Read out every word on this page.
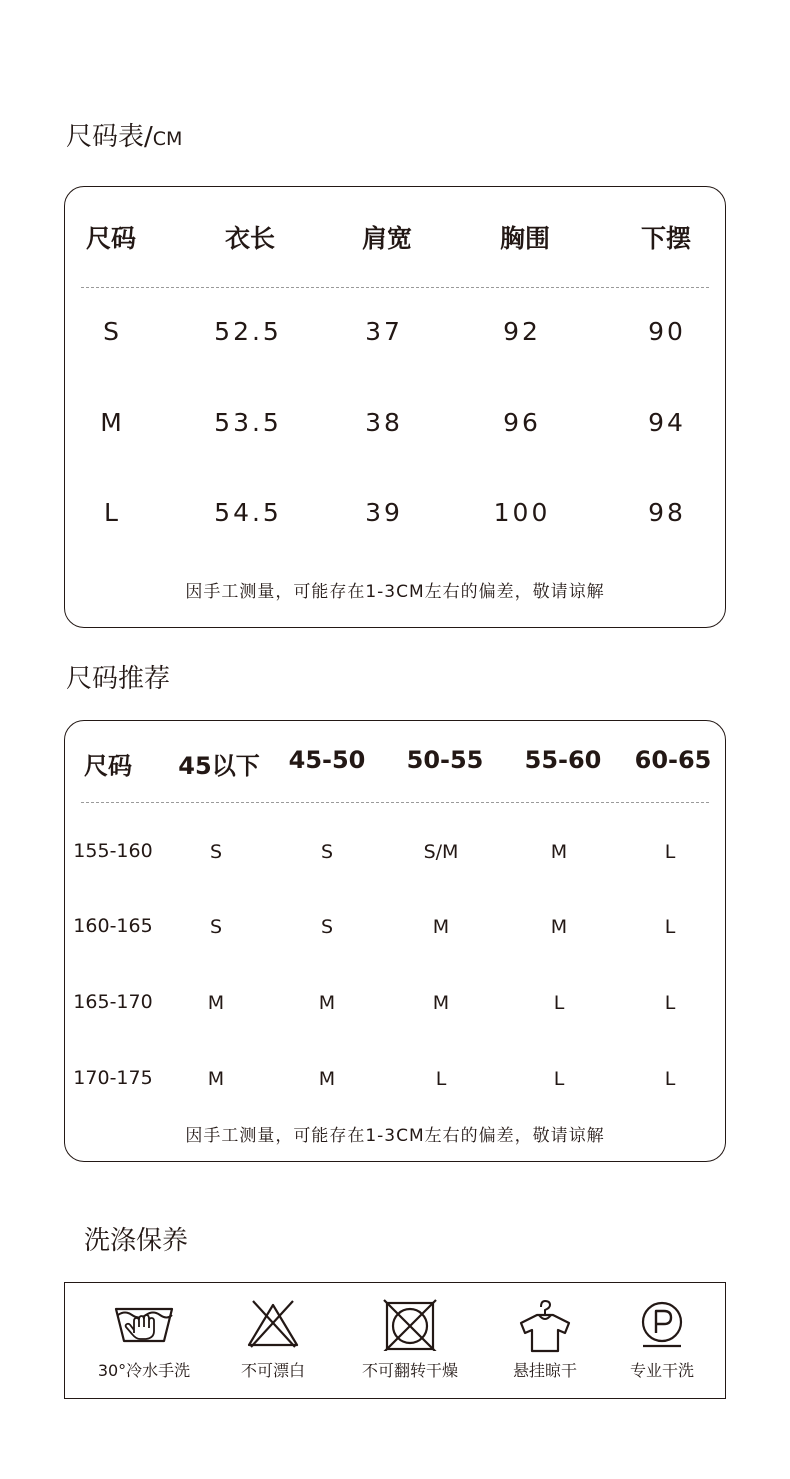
尺码表/CM
尺码	衣长	肩宽	胸围	下摆
S	52.5	37	92	90
M	53.5	38	96	94
L	54.5	39	100	98
因手工测量，可能存在1-3CM左右的偏差，敬请谅解
尺码推荐
尺码 45以下 45-50 50-55 55-60 60-65
155-160	S	S	S/M	M	L
160-165	S	S	M	M	L
165-170	M	M	M	L	L
170-175	M	M	L	L	L
因手工测量，可能存在1-3CM左右的偏差，敬请谅解
洗涤保养
30°冷水手洗	不可漂白	不可翻转干燥	悬挂晾干	专业干洗
